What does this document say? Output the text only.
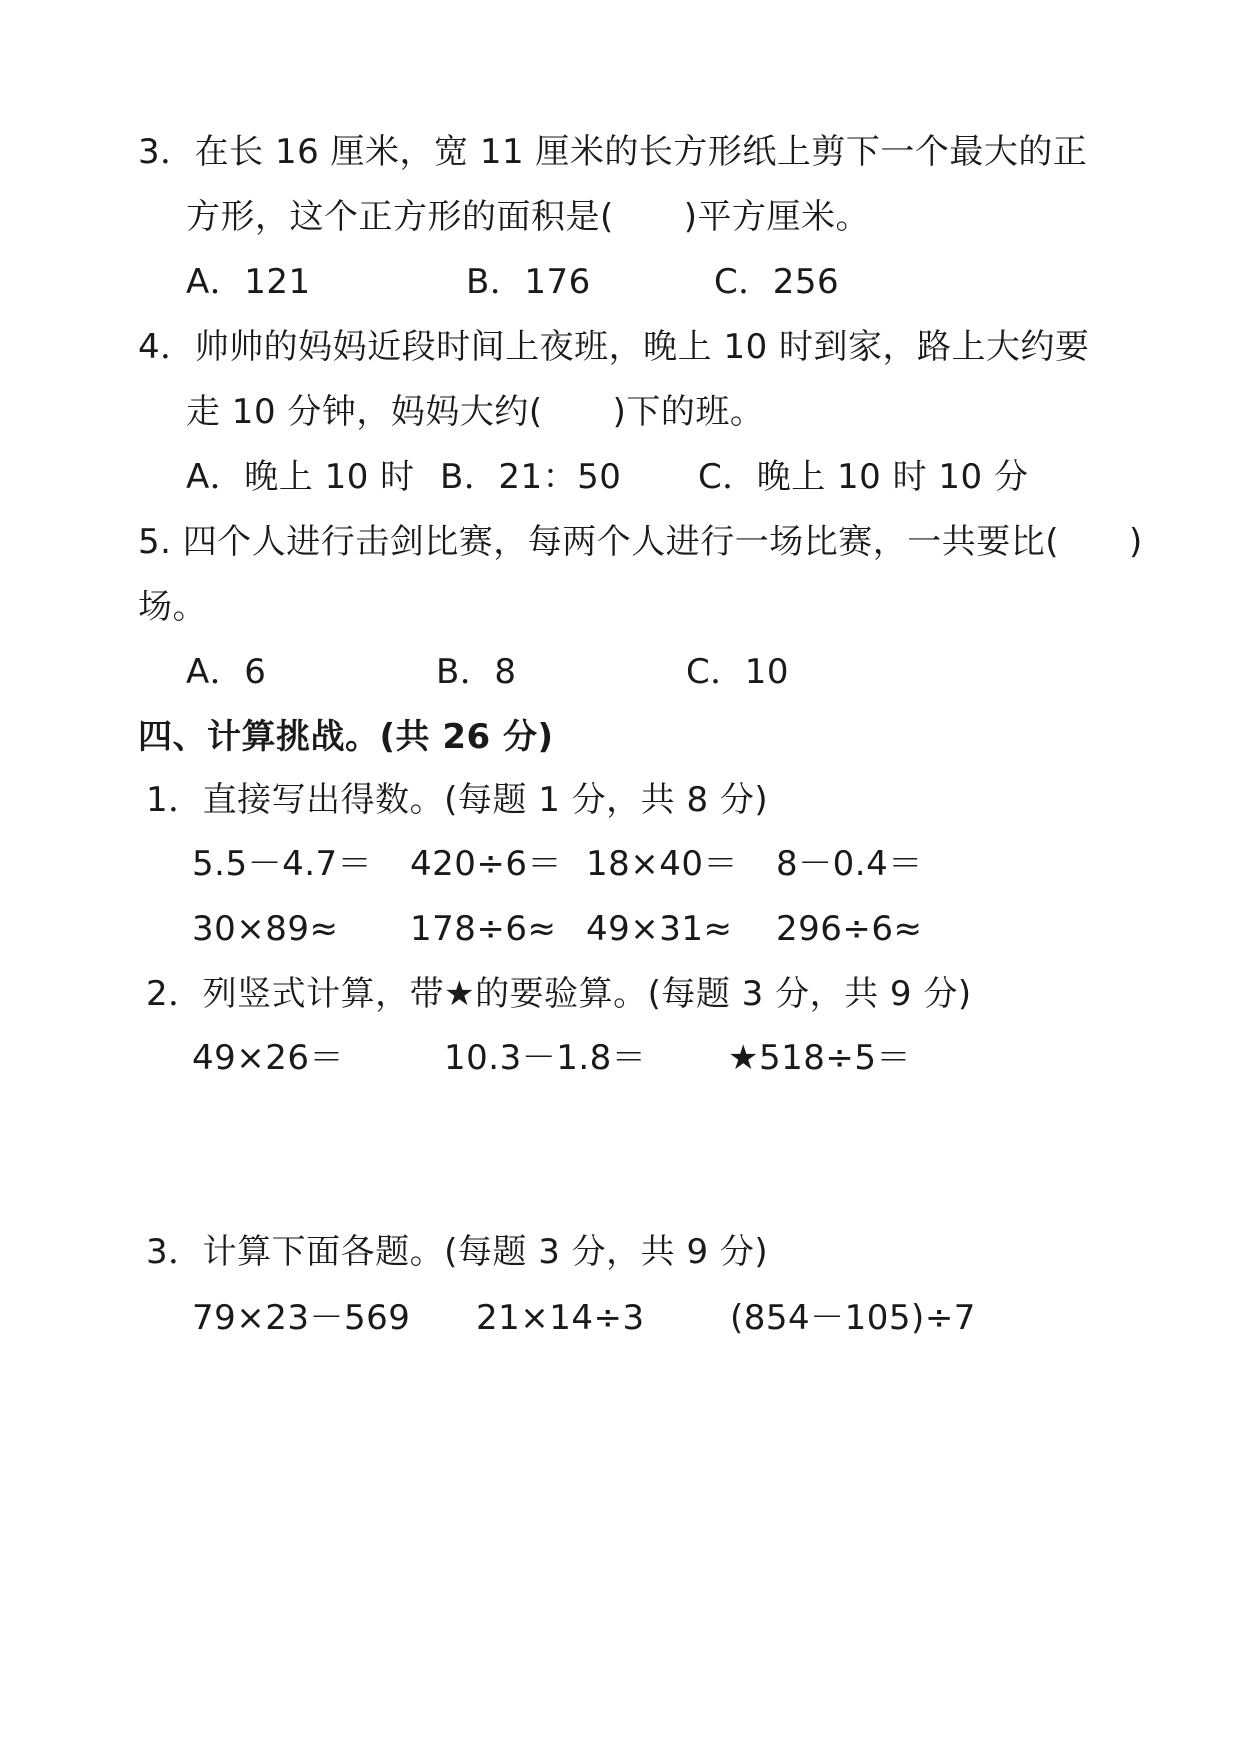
3．在长 16 厘米，宽 11 厘米的长方形纸上剪下一个最大的正
方形，这个正方形的面积是( )平方厘米。
A．121	B．176	C．256
4．帅帅的妈妈近段时间上夜班，晚上 10 时到家，路上大约要
走 10 分钟，妈妈大约( )下的班。
A．晚上 10 时 B．21：50 C．晚上 10 时 10 分
5. 四个人进行击剑比赛，每两个人进行一场比赛，一共要比( )
场。
A．6	B．8	C．10
四、计算挑战。(共 26 分)
1．直接写出得数。(每题 1 分，共 8 分)
5.5－4.7＝ 420÷6＝ 18×40＝ 8－0.4＝
30×89≈ 178÷6≈ 49×31≈ 296÷6≈
2．列竖式计算，带★的要验算。(每题 3 分，共 9 分)
49×26＝	10.3－1.8＝ ★518÷5＝
3．计算下面各题。(每题 3 分，共 9 分)
79×23－569 21×14÷3	(854－105)÷7
